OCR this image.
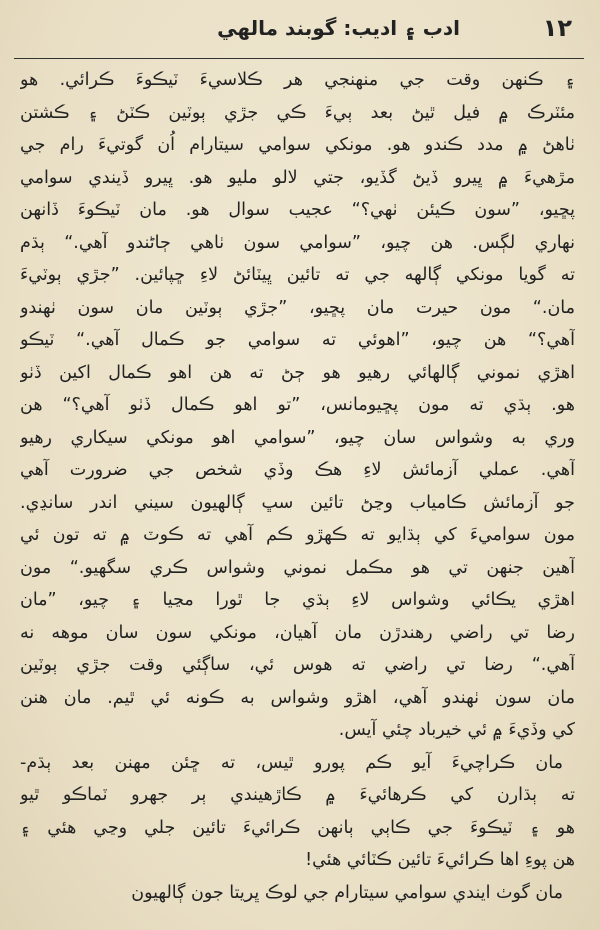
١٢
ادب ۽ اديب: گوبند مالهي
۽ ڪنهن وقت جي منهنجي هر ڪلاسيءَ ٽيڪوءَ ڪرائي. هو
مئٽرڪ ۾ فيل ٿيڻ بعد ٻيءَ ڪي جڙي ٻوٽين ڪٽڻ ۽ ڪشتن
ٺاهڻ ۾ مدد ڪندو هو. مونکي سوامي سيتارام اُن گوتيءَ رام جي
مڙهيءَ ۾ ڀيرو ڏيڻ گڏيو، جتي لالو مليو هو. ڀيرو ڏيندي سوامي
پڇيو، ”سون ڪيئن ٺهي؟“ عجيب سوال هو. مان ٽيڪوءَ ڏانهن
نهاري لڳس. هن چيو، ”سوامي سون ٺاهي ڄاڻندو آهي.“ ٻڌم
ته گويا مونکي ڳالهه جي ته تائين ڀيٽائڻ لاءِ ڇپائين. ”جڙي ٻوٽيءَ
مان.“ مون حيرت مان پڇيو، ”جڙي ٻوٽين مان سون ٺهندو
آهي؟“ هن چيو، ”اهوئي ته سوامي جو ڪمال آهي.“ ٽيڪو
اهڙي نموني ڳالهائي رهيو هو ڄڻ ته هن اهو ڪمال اکين ڏٺو
هو. ٻڌي ته مون پڇيومانس، ”تو اهو ڪمال ڏٺو آهي؟“ هن
وري به وشواس سان چيو، ”سوامي اهو مونکي سيکاري رهيو
آهي. عملي آزمائش لاءِ هڪ وڏي شخص جي ضرورت آهي
جو آزمائش ڪامياب وڃڻ تائين سڀ ڳالهيون سيني اندر سانڍي.
مون سواميءَ کي ٻڌايو ته ڪهڙو ڪم آهي ته ڪوٽ ۾ ته تون ئي
آهين جنهن تي هو مڪمل نموني وشواس ڪري سگهيو.“ مون
اهڙي يڪائي وشواس لاءِ ٻڌي جا ٿورا مڃيا ۽ چيو، ”مان
رضا تي راضي رهندڙن مان آهيان، مونکي سون سان موهه نه
آهي.“ رضا تي راضي ته هوس ئي، ساڳئي وقت جڙي ٻوٽين
مان سون ٺهندو آهي، اهڙو وشواس به ڪونه ئي ٿيم. مان هنن
کي وڏيءَ ۾ ئي خيرباد چئي آيس.
مان ڪراچيءَ آيو ڪم پورو ٿيس، ته ڇئن مهنن بعد ٻڌم-
ته ٻڌارن کي ڪرهائيءَ ۾ ڪاڙهيندي ٻر جهرو ٽماڪو ٿيو
هو ۽ ٽيڪوءَ جي ڪاٻي ٻانهن ڪرائيءَ تائين جلي وڃي هئي ۽
هن پوءِ اها ڪرائيءَ تائين ڪٽائي هئي!
مان گوٺ ايندي سوامي سيتارام جي لوڪ ڀريتا جون ڳالهيون
